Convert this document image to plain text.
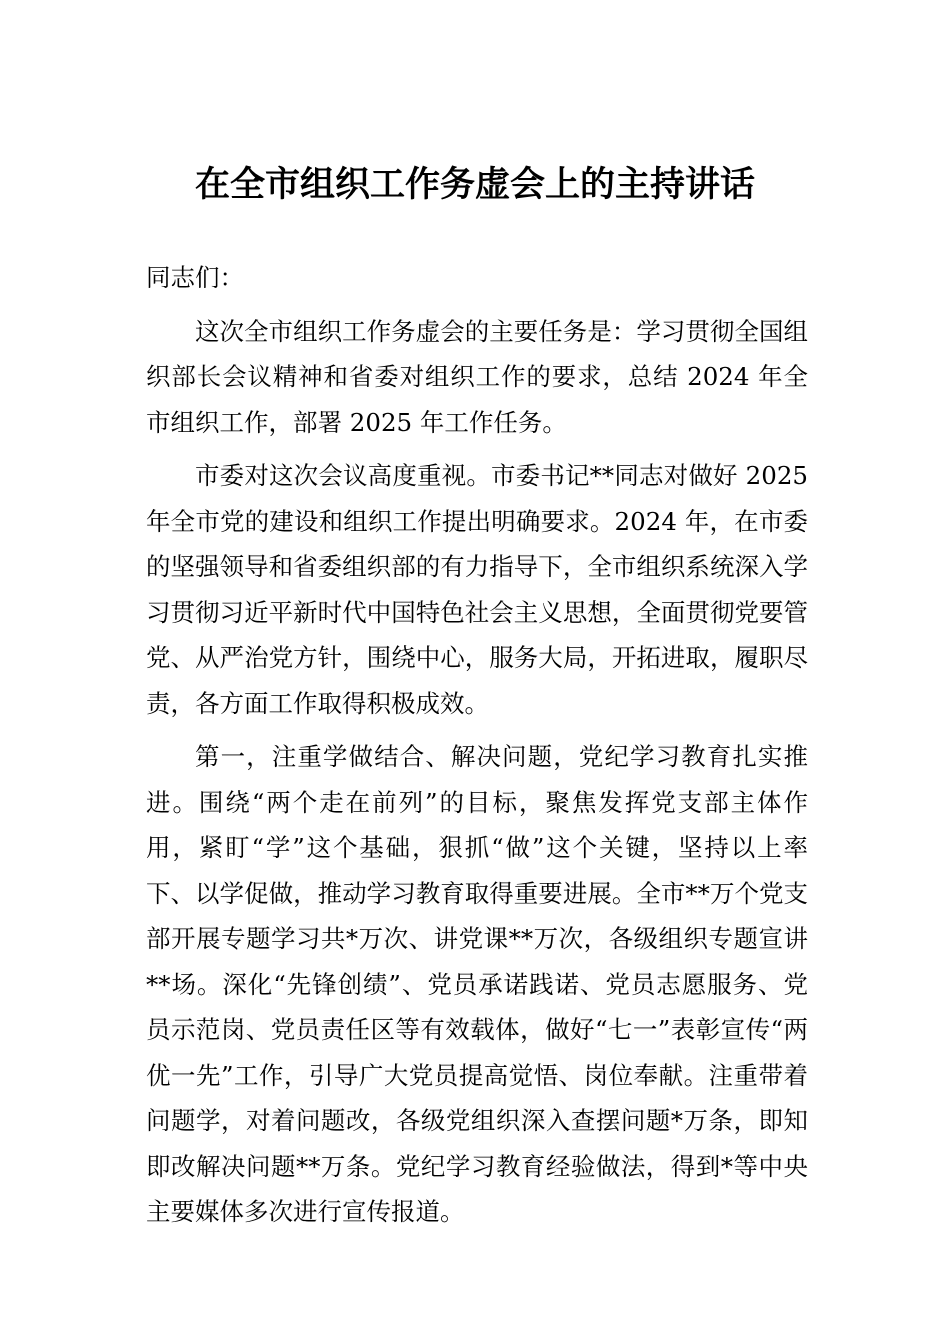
在全市组织工作务虚会上的主持讲话

同志们：

这次全市组织工作务虚会的主要任务是：学习贯彻全国组织部长会议精神和省委对组织工作的要求，总结 2024 年全市组织工作，部署 2025 年工作任务。

市委对这次会议高度重视。市委书记**同志对做好 2025 年全市党的建设和组织工作提出明确要求。2024 年，在市委的坚强领导和省委组织部的有力指导下，全市组织系统深入学习贯彻习近平新时代中国特色社会主义思想，全面贯彻党要管党、从严治党方针，围绕中心，服务大局，开拓进取，履职尽责，各方面工作取得积极成效。

第一，注重学做结合、解决问题，党纪学习教育扎实推进。围绕“两个走在前列”的目标，聚焦发挥党支部主体作用，紧盯“学”这个基础，狠抓“做”这个关键，坚持以上率下、以学促做，推动学习教育取得重要进展。全市**万个党支部开展专题学习共*万次、讲党课**万次，各级组织专题宣讲**场。深化“先锋创绩”、党员承诺践诺、党员志愿服务、党员示范岗、党员责任区等有效载体，做好“七一”表彰宣传“两优一先”工作，引导广大党员提高觉悟、岗位奉献。注重带着问题学，对着问题改，各级党组织深入查摆问题*万条，即知即改解决问题**万条。党纪学习教育经验做法，得到*等中央主要媒体多次进行宣传报道。
